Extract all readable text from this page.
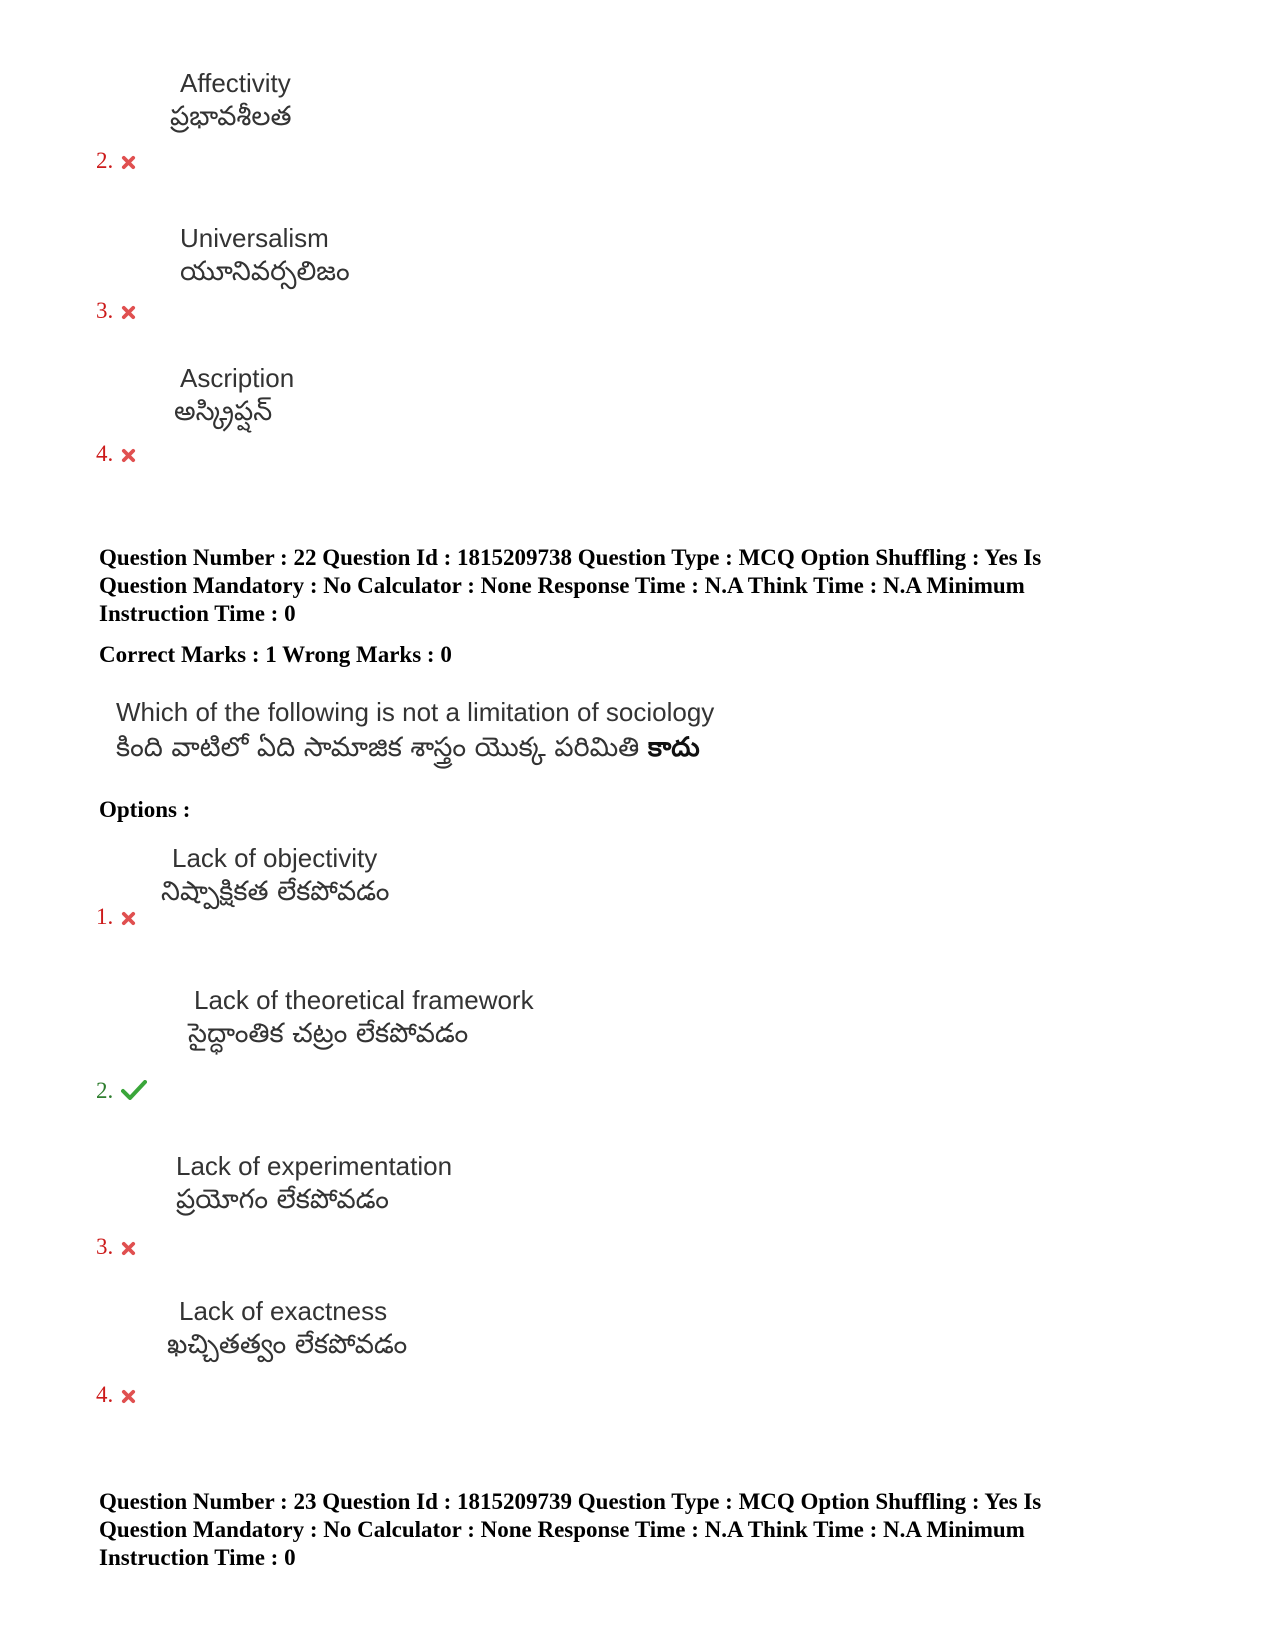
Affectivity
ప్రభావశీలత
2.
Universalism
యూనివర్సలిజం
3.
Ascription
అస్క్రిప్షన్
4.
Question Number : 22 Question Id : 1815209738 Question Type : MCQ Option Shuffling : Yes Is
Question Mandatory : No Calculator : None Response Time : N.A Think Time : N.A Minimum
Instruction Time : 0
Correct Marks : 1 Wrong Marks : 0
Which of the following is not a limitation of sociology
కింది వాటిలో ఏది సామాజిక శాస్త్రం యొక్క పరిమితి కాదు
Options :
Lack of objectivity
నిష్పాక్షికత లేకపోవడం
1.
Lack of theoretical framework
సైద్ధాంతిక చట్రం లేకపోవడం
2.
Lack of experimentation
ప్రయోగం లేకపోవడం
3.
Lack of exactness
ఖచ్చితత్వం లేకపోవడం
4.
Question Number : 23 Question Id : 1815209739 Question Type : MCQ Option Shuffling : Yes Is
Question Mandatory : No Calculator : None Response Time : N.A Think Time : N.A Minimum
Instruction Time : 0
